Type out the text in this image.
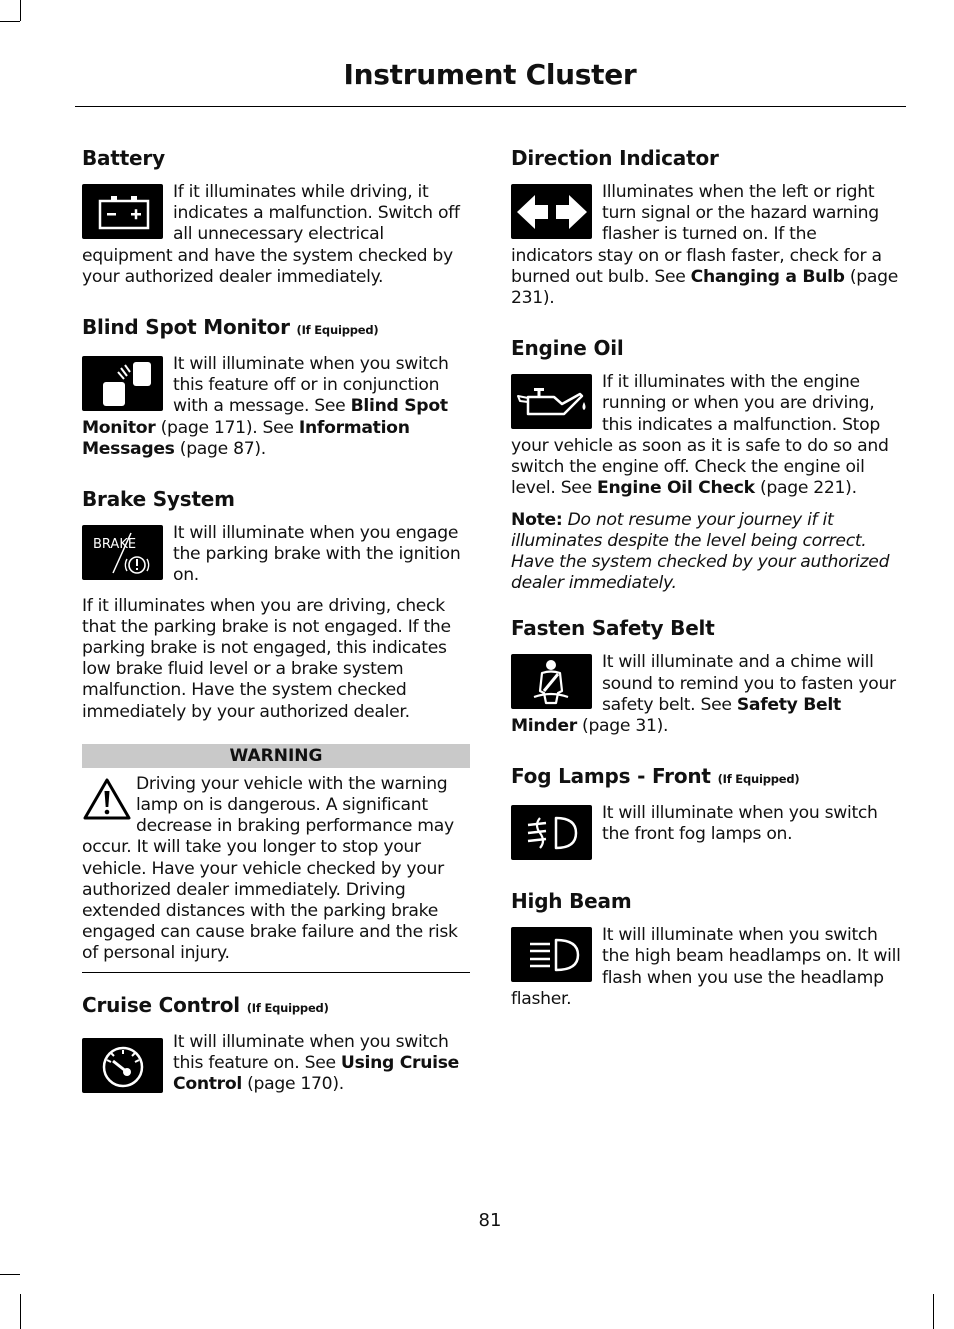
Instrument Cluster
Battery
If it illuminates while driving, it indicates a malfunction. Switch off all unnecessary electrical equipment and have the system checked by your authorized dealer immediately.
Blind Spot Monitor (If Equipped)
It will illuminate when you switch this feature off or in conjunction with a message. See Blind Spot Monitor (page 171). See Information Messages (page 87).
Brake System
BRAKE
It will illuminate when you engage the parking brake with the ignition on.
If it illuminates when you are driving, check that the parking brake is not engaged. If the parking brake is not engaged, this indicates low brake fluid level or a brake system malfunction. Have the system checked immediately by your authorized dealer.
WARNING
Driving your vehicle with the warning lamp on is dangerous. A significant decrease in braking performance may occur. It will take you longer to stop your vehicle. Have your vehicle checked by your authorized dealer immediately. Driving extended distances with the parking brake engaged can cause brake failure and the risk of personal injury.
Cruise Control (If Equipped)
It will illuminate when you switch this feature on. See Using Cruise Control (page 170).
Direction Indicator
Illuminates when the left or right turn signal or the hazard warning flasher is turned on. If the indicators stay on or flash faster, check for a burned out bulb. See Changing a Bulb (page 231).
Engine Oil
If it illuminates with the engine running or when you are driving, this indicates a malfunction. Stop your vehicle as soon as it is safe to do so and switch the engine off. Check the engine oil level. See Engine Oil Check (page 221).
Note: Do not resume your journey if it illuminates despite the level being correct. Have the system checked by your authorized dealer immediately.
Fasten Safety Belt
It will illuminate and a chime will sound to remind you to fasten your safety belt. See Safety Belt Minder (page 31).
Fog Lamps - Front (If Equipped)
It will illuminate when you switch the front fog lamps on.
High Beam
It will illuminate when you switch the high beam headlamps on. It will flash when you use the headlamp flasher.
81
